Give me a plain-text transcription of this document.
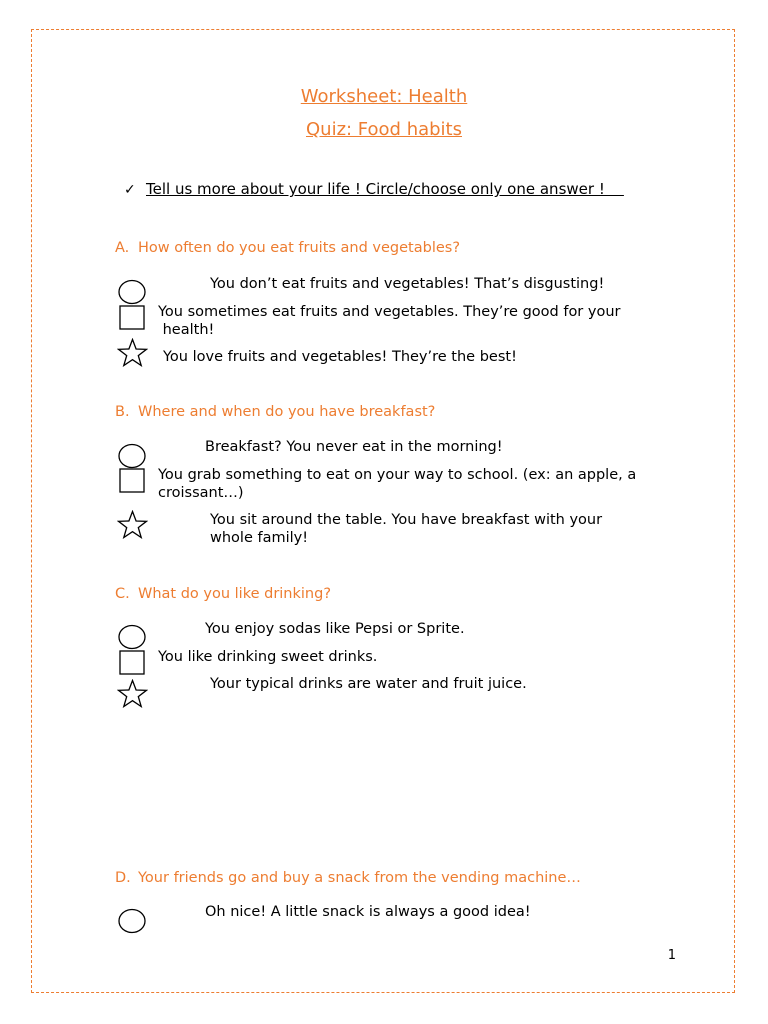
Worksheet: Health
Quiz: Food habits
✓ Tell us more about your life ! Circle/choose only one answer !
A. How often do you eat fruits and vegetables?
You don’t eat fruits and vegetables! That’s disgusting!
You sometimes eat fruits and vegetables. They’re good for your
health!
You love fruits and vegetables! They’re the best!
B. Where and when do you have breakfast?
Breakfast? You never eat in the morning!
You grab something to eat on your way to school. (ex: an apple, a
croissant…)
You sit around the table. You have breakfast with your
whole family!
C. What do you like drinking?
You enjoy sodas like Pepsi or Sprite.
You like drinking sweet drinks.
Your typical drinks are water and fruit juice.
D. Your friends go and buy a snack from the vending machine…
Oh nice! A little snack is always a good idea!
1
